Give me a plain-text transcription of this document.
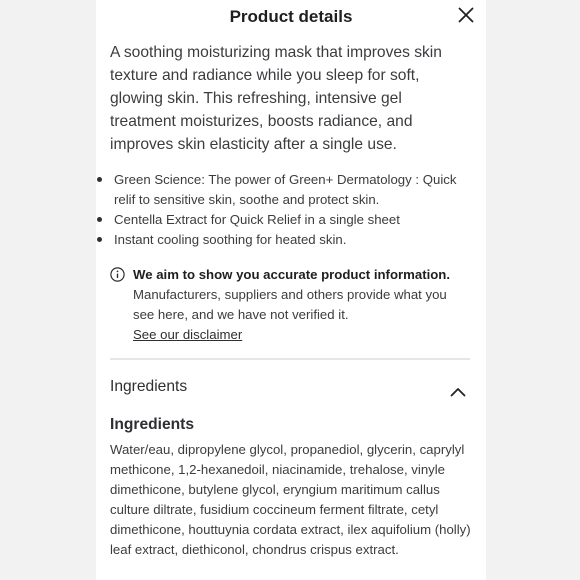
Product details

A soothing moisturizing mask that improves skin texture and radiance while you sleep for soft, glowing skin. This refreshing, intensive gel treatment moisturizes, boosts radiance, and improves skin elasticity after a single use.

Green Science: The power of Green+ Dermatology : Quick relif to sensitive skin, soothe and protect skin.
Centella Extract for Quick Relief in a single sheet
Instant cooling soothing for heated skin.
We aim to show you accurate product information.
Manufacturers, suppliers and others provide what you see here, and we have not verified it.
See our disclaimer
Ingredients
Ingredients

Water/eau, dipropylene glycol, propanediol, glycerin, caprylyl methicone, 1,2-hexanedoil, niacinamide, trehalose, vinyle dimethicone, butylene glycol, eryngium maritimum callus culture diltrate, fusidium coccineum ferment filtrate, cetyl dimethicone, houttuynia cordata extract, ilex aquifolium (holly) leaf extract, diethiconol, chondrus crispus extract.
